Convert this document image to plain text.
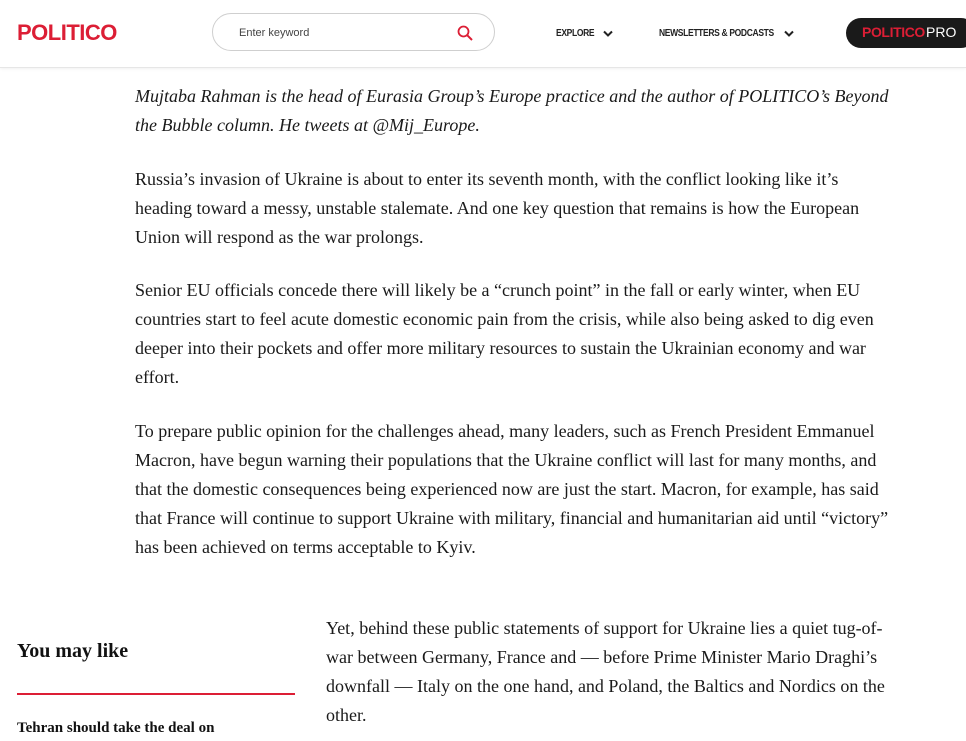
POLITICO
Enter keyword	EXPLORE	NEWSLETTERS & PODCASTS	POLITICO PRO

Mujtaba Rahman is the head of Eurasia Group’s Europe practice and the author of POLITICO’s Beyond the Bubble column. He tweets at @Mij_Europe.

Russia’s invasion of Ukraine is about to enter its seventh month, with the conflict looking like it’s heading toward a messy, unstable stalemate. And one key question that remains is how the European Union will respond as the war prolongs.

Senior EU officials concede there will likely be a “crunch point” in the fall or early winter, when EU countries start to feel acute domestic economic pain from the crisis, while also being asked to dig even deeper into their pockets and offer more military resources to sustain the Ukrainian economy and war effort.

To prepare public opinion for the challenges ahead, many leaders, such as French President Emmanuel Macron, have begun warning their populations that the Ukraine conflict will last for many months, and that the domestic consequences being experienced now are just the start. Macron, for example, has said that France will continue to support Ukraine with military, financial and humanitarian aid until “victory” has been achieved on terms acceptable to Kyiv.

Yet, behind these public statements of support for Ukraine lies a quiet tug-of-war between Germany, France and — before Prime Minister Mario Draghi’s downfall — Italy on the one hand, and Poland, the Baltics and Nordics on the other.

You may like
Tehran should take the deal on
